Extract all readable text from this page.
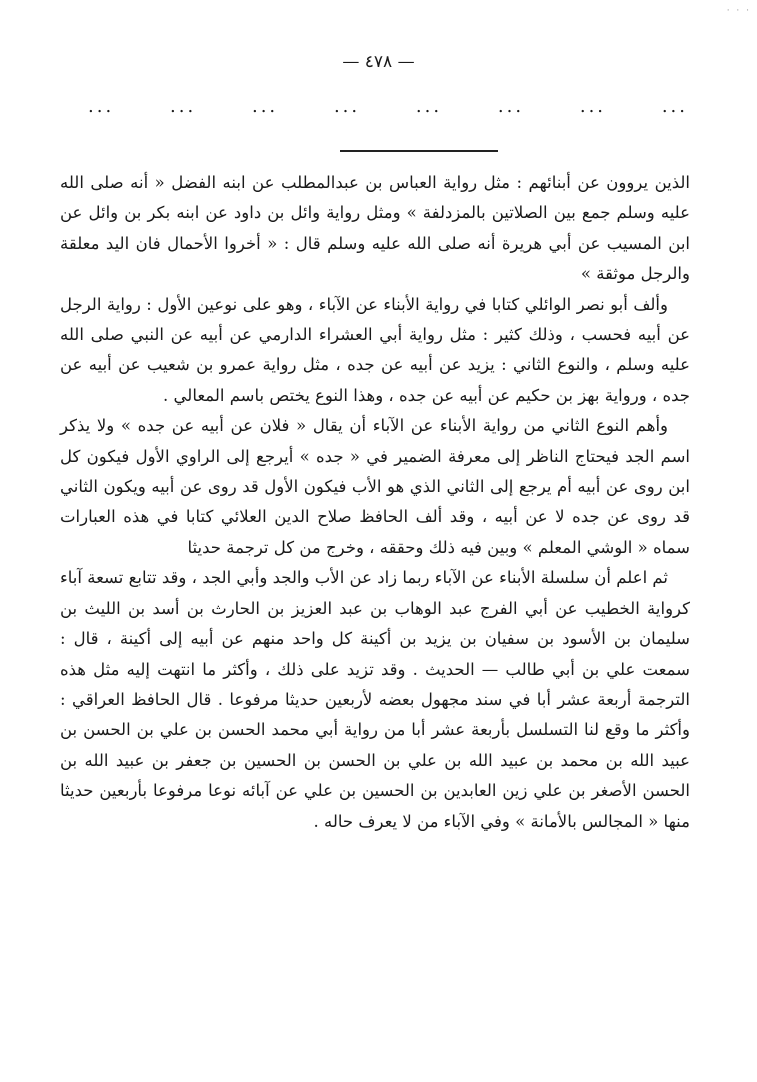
· · ·
— ٤٧٨ —
...
...
...
...
...
...
...
...

الذين يروون عن أبنائهم : مثل رواية العباس بن عبدالمطلب عن ابنه الفضل « أنه صلى الله عليه وسلم جمع بين الصلاتين بالمزدلفة » ومثل رواية وائل بن داود عن ابنه بكر بن وائل عن ابن المسيب عن أبي هريرة أنه صلى الله عليه وسلم قال : « أخروا الأحمال فان اليد معلقة والرجل موثقة »

وألف أبو نصر الوائلي كتابا في رواية الأبناء عن الآباء ، وهو على نوعين الأول : رواية الرجل عن أبيه فحسب ، وذلك كثير : مثل رواية أبي العشراء الدارمي عن أبيه عن النبي صلى الله عليه وسلم ، والنوع الثاني : يزيد عن أبيه عن جده ، مثل رواية عمرو بن شعيب عن أبيه عن جده ، ورواية بهز بن حكيم عن أبيه عن جده ، وهذا النوع يختص باسم المعالي .

وأهم النوع الثاني من رواية الأبناء عن الآباء أن يقال « فلان عن أبيه عن جده » ولا يذكر اسم الجد فيحتاج الناظر إلى معرفة الضمير في « جده » أيرجع إلى الراوي الأول فيكون كل ابن روى عن أبيه أم يرجع إلى الثاني الذي هو الأب فيكون الأول قد روى عن أبيه ويكون الثاني قد روى عن جده لا عن أبيه ، وقد ألف الحافظ صلاح الدين العلائي كتابا في هذه العبارات سماه « الوشي المعلم » وبين فيه ذلك وحققه ، وخرج من كل ترجمة حديثا

ثم اعلم أن سلسلة الأبناء عن الآباء ربما زاد عن الأب والجد وأبي الجد ، وقد تتابع تسعة آباء كرواية الخطيب عن أبي الفرج عبد الوهاب بن عبد العزيز بن الحارث بن أسد بن الليث بن سليمان بن الأسود بن سفيان بن يزيد بن أكينة كل واحد منهم عن أبيه إلى أكينة ، قال : سمعت علي بن أبي طالب — الحديث . وقد تزيد على ذلك ، وأكثر ما انتهت إليه مثل هذه الترجمة أربعة عشر أبا في سند مجهول بعضه لأربعين حديثا مرفوعا . قال الحافظ العراقي : وأكثر ما وقع لنا التسلسل بأربعة عشر أبا من رواية أبي محمد الحسن بن علي بن الحسن بن عبيد الله بن محمد بن عبيد الله بن علي بن الحسن بن الحسين بن جعفر بن عبيد الله بن الحسن الأصغر بن علي زين العابدين بن الحسين بن علي عن آبائه نوعا مرفوعا بأربعين حديثا منها « المجالس بالأمانة » وفي الآباء من لا يعرف حاله .
